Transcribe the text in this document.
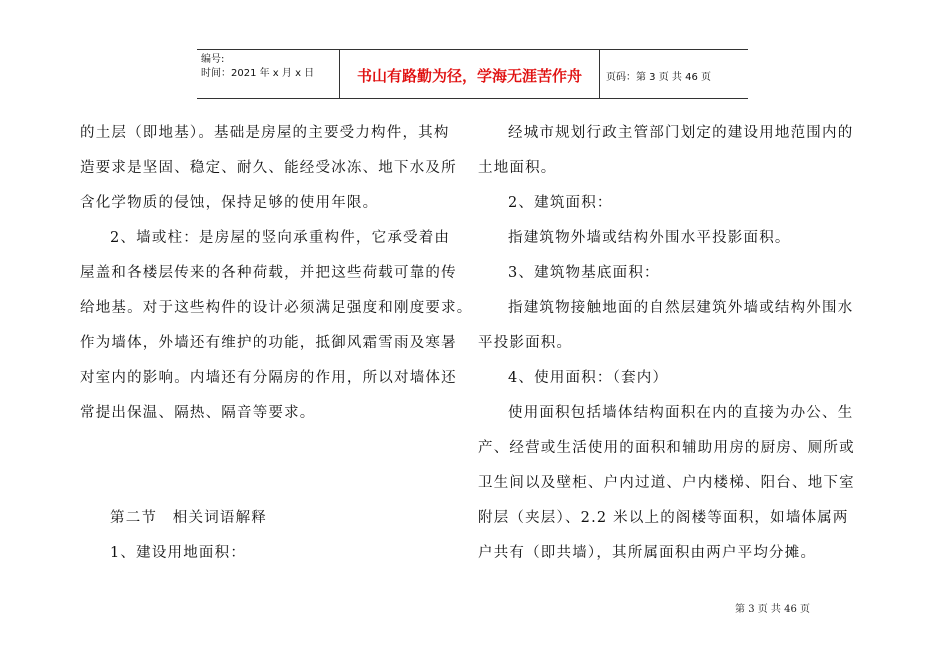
编号:
时间：2021 年 x 月 x 日	书山有路勤为径，学海无涯苦作舟	页码：第 3 页 共 46 页
的土层（即地基）。基础是房屋的主要受力构件，其构
造要求是坚固、稳定、耐久、能经受冰冻、地下水及所
含化学物质的侵蚀，保持足够的使用年限。
2、墙或柱：是房屋的竖向承重构件，它承受着由
屋盖和各楼层传来的各种荷载，并把这些荷载可靠的传
给地基。对于这些构件的设计必须满足强度和刚度要求。
作为墙体，外墙还有维护的功能，抵御风霜雪雨及寒暑
对室内的影响。内墙还有分隔房的作用，所以对墙体还
常提出保温、隔热、隔音等要求。
第二节　相关词语解释
1、建设用地面积：
经城市规划行政主管部门划定的建设用地范围内的
土地面积。
2、建筑面积：
指建筑物外墙或结构外围水平投影面积。
3、建筑物基底面积：
指建筑物接触地面的自然层建筑外墙或结构外围水
平投影面积。
4、使用面积：（套内）
使用面积包括墙体结构面积在内的直接为办公、生
产、经营或生活使用的面积和辅助用房的厨房、厕所或
卫生间以及壁柜、户内过道、户内楼梯、阳台、地下室
附层（夹层）、2.2 米以上的阁楼等面积，如墙体属两
户共有（即共墙），其所属面积由两户平均分摊。
第 3 页 共 46 页
